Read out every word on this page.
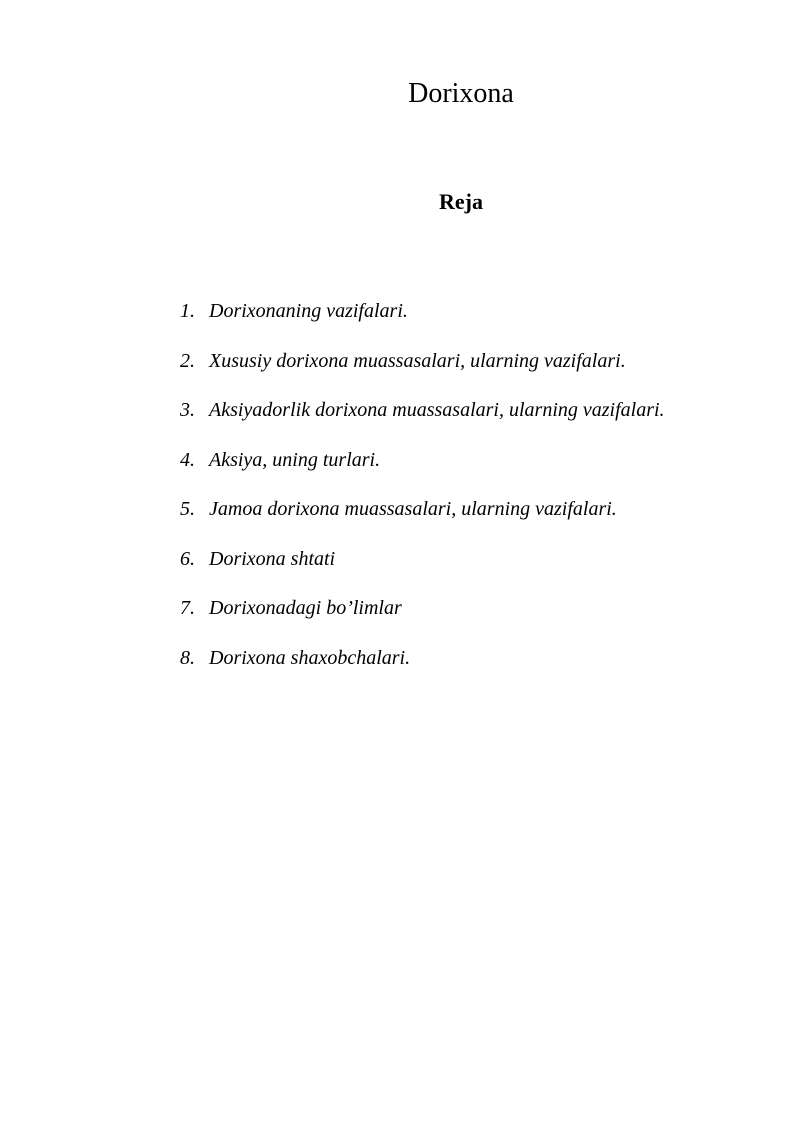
Dorixona
Reja
1. Dorixonaning vazifalari.
2. Xususiy dorixona muassasalari, ularning vazifalari.
3. Aksiyadorlik dorixona muassasalari, ularning vazifalari.
4. Aksiya, uning turlari.
5. Jamoa dorixona muassasalari, ularning vazifalari.
6. Dorixona shtati
7. Dorixonadagi bo’limlar
8. Dorixona shaxobchalari.
